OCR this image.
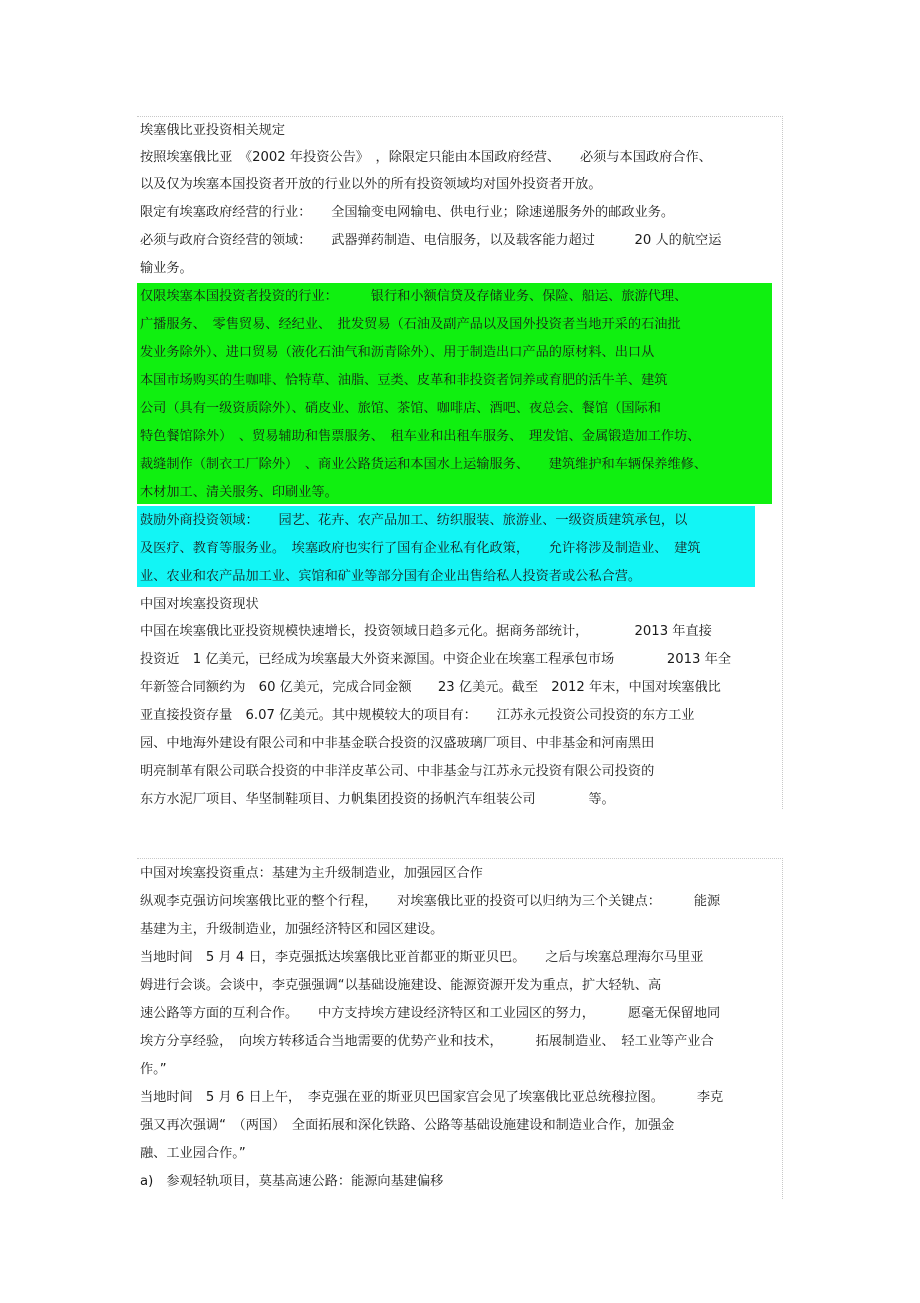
埃塞俄比亚投资相关规定
按照埃塞俄比亚　《2002 年投资公告》　，除限定只能由本国政府经营、　　必须与本国政府合作、
以及仅为埃塞本国投资者开放的行业以外的所有投资领域均对国外投资者开放。
限定有埃塞政府经营的行业：　　全国输变电网输电、供电行业；除速递服务外的邮政业务。
必须与政府合资经营的领域：　　武器弹药制造、电信服务，以及载客能力超过　　　20 人的航空运
输业务。
仅限埃塞本国投资者投资的行业：　　　银行和小额信贷及存储业务、保险、船运、旅游代理、
广播服务、　零售贸易、经纪业、　批发贸易（石油及副产品以及国外投资者当地开采的石油批
发业务除外）、进口贸易（液化石油气和沥青除外）、用于制造出口产品的原材料、出口从
本国市场购买的生咖啡、恰特草、油脂、豆类、皮革和非投资者饲养或育肥的活牛羊、建筑
公司（具有一级资质除外）、硝皮业、旅馆、茶馆、咖啡店、酒吧、夜总会、餐馆（国际和
特色餐馆除外）　、贸易辅助和售票服务、　租车业和出租车服务、　理发馆、金属锻造加工作坊、
裁缝制作（制衣工厂除外）　、商业公路货运和本国水上运输服务、　　建筑维护和车辆保养维修、
木材加工、清关服务、印刷业等。
鼓励外商投资领域：　　园艺、花卉、农产品加工、纺织服装、旅游业、一级资质建筑承包，以
及医疗、教育等服务业。　埃塞政府也实行了国有企业私有化政策，　　允许将涉及制造业、　建筑
业、农业和农产品加工业、宾馆和矿业等部分国有企业出售给私人投资者或公私合营。
中国对埃塞投资现状
中国在埃塞俄比亚投资规模快速增长，投资领域日趋多元化。据商务部统计，　　　　2013 年直接
投资近　1 亿美元，已经成为埃塞最大外资来源国。中资企业在埃塞工程承包市场　　　　2013 年全
年新签合同额约为　60 亿美元，完成合同金额　　23 亿美元。截至　2012 年末，中国对埃塞俄比
亚直接投资存量　6.07 亿美元。其中规模较大的项目有：　　江苏永元投资公司投资的东方工业
园、中地海外建设有限公司和中非基金联合投资的汉盛玻璃厂项目、中非基金和河南黑田
明亮制革有限公司联合投资的中非洋皮革公司、中非基金与江苏永元投资有限公司投资的
东方水泥厂项目、华坚制鞋项目、力帆集团投资的扬帆汽车组装公司　　　　等。
中国对埃塞投资重点：基建为主升级制造业，加强园区合作
纵观李克强访问埃塞俄比亚的整个行程，　　对埃塞俄比亚的投资可以归纳为三个关键点：　　　能源
基建为主，升级制造业，加强经济特区和园区建设。
当地时间　5 月 4 日，李克强抵达埃塞俄比亚首都亚的斯亚贝巴。　　之后与埃塞总理海尔马里亚
姆进行会谈。会谈中，李克强强调“以基础设施建设、能源资源开发为重点，扩大轻轨、高
速公路等方面的互利合作。　　中方支持埃方建设经济特区和工业园区的努力，　　　愿毫无保留地同
埃方分享经验，　向埃方转移适合当地需要的优势产业和技术，　　　拓展制造业、　轻工业等产业合
作。”
当地时间　5 月 6 日上午，　李克强在亚的斯亚贝巴国家宫会见了埃塞俄比亚总统穆拉图。　　　李克
强又再次强调“　（两国）　全面拓展和深化铁路、公路等基础设施建设和制造业合作，加强金
融、工业园合作。”
a)　参观轻轨项目，莫基高速公路：能源向基建偏移
